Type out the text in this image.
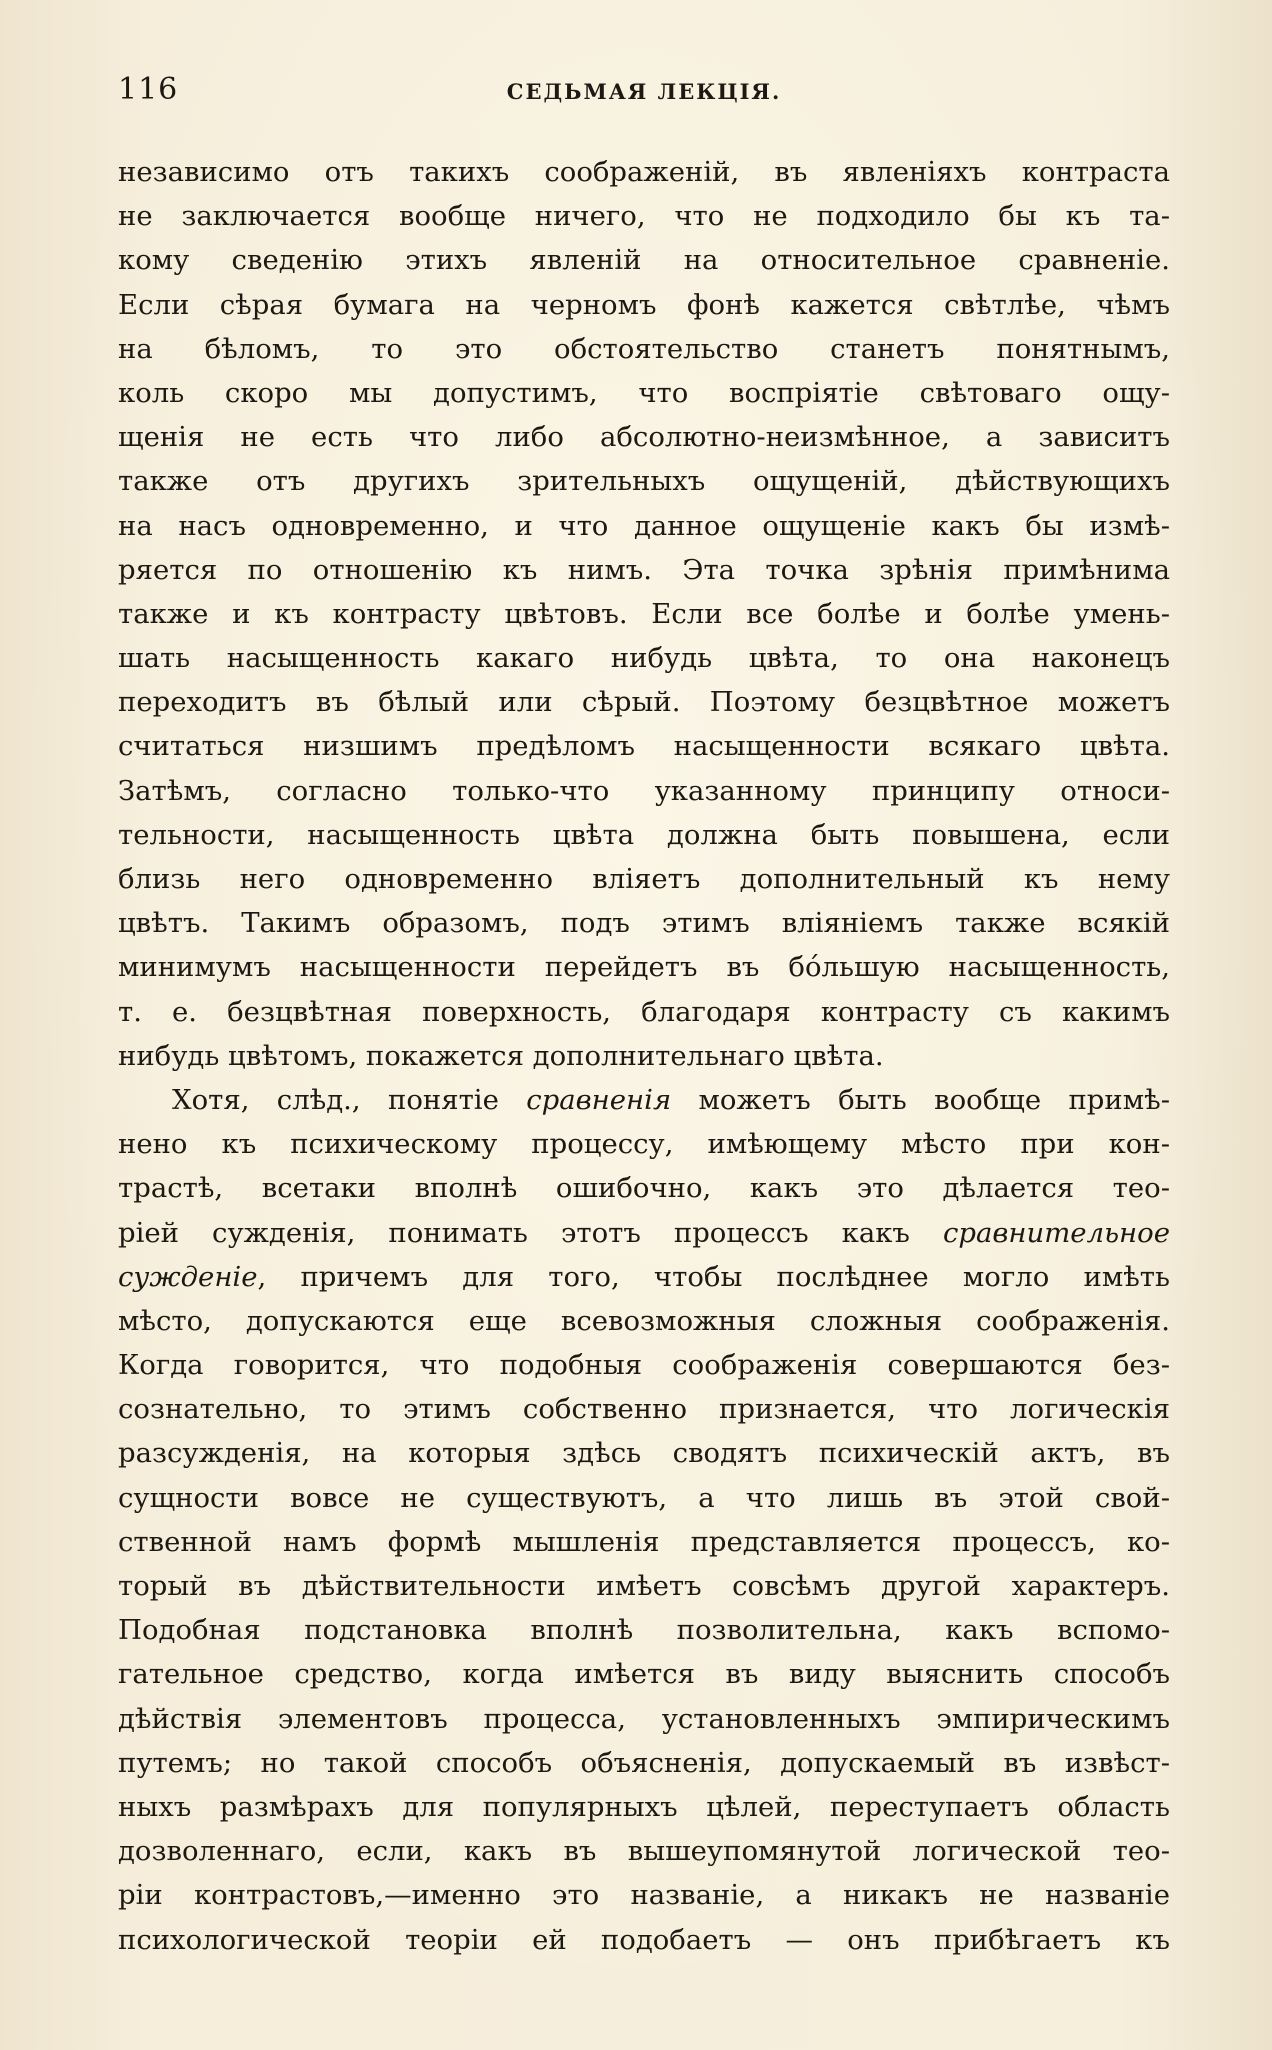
116	СЕДЬМАЯ ЛЕКЦІЯ.
независимо отъ такихъ соображеній, въ явленіяхъ контраста
не заключается вообще ничего, что не подходило бы къ та-
кому сведенію этихъ явленій на относительное сравненіе.
Если сѣрая бумага на черномъ фонѣ кажется свѣтлѣе, чѣмъ
на бѣломъ, то это обстоятельство станетъ понятнымъ,
коль скоро мы допустимъ, что воспріятіе свѣтоваго ощу-
щенія не есть что либо абсолютно-неизмѣнное, а зависитъ
также отъ другихъ зрительныхъ ощущеній, дѣйствующихъ
на насъ одновременно, и что данное ощущеніе какъ бы измѣ-
ряется по отношенію къ нимъ. Эта точка зрѣнія примѣнима
также и къ контрасту цвѣтовъ. Если все болѣе и болѣе умень-
шать насыщенность какаго нибудь цвѣта, то она наконецъ
переходитъ въ бѣлый или сѣрый. Поэтому безцвѣтное можетъ
считаться низшимъ предѣломъ насыщенности всякаго цвѣта.
Затѣмъ, согласно только-что указанному принципу относи-
тельности, насыщенность цвѣта должна быть повышена, если
близь него одновременно вліяетъ дополнительный къ нему
цвѣтъ. Такимъ образомъ, подъ этимъ вліяніемъ также всякій
минимумъ насыщенности перейдетъ въ бо́льшую насыщенность,
т. е. безцвѣтная поверхность, благодаря контрасту съ какимъ
нибудь цвѣтомъ, покажется дополнительнаго цвѣта.
Хотя, слѣд., понятіе сравненія можетъ быть вообще примѣ-
нено къ психическому процессу, имѣющему мѣсто при кон-
трастѣ, всетаки вполнѣ ошибочно, какъ это дѣлается тео-
ріей сужденія, понимать этотъ процессъ какъ сравнительное
сужденіе, причемъ для того, чтобы послѣднее могло имѣть
мѣсто, допускаются еще всевозможныя сложныя соображенія.
Когда говорится, что подобныя соображенія совершаются без-
сознательно, то этимъ собственно признается, что логическія
разсужденія, на которыя здѣсь сводятъ психическій актъ, въ
сущности вовсе не существуютъ, а что лишь въ этой свой-
ственной намъ формѣ мышленія представляется процессъ, ко-
торый въ дѣйствительности имѣетъ совсѣмъ другой характеръ.
Подобная подстановка вполнѣ позволительна, какъ вспомо-
гательное средство, когда имѣется въ виду выяснить способъ
дѣйствія элементовъ процесса, установленныхъ эмпирическимъ
путемъ; но такой способъ объясненія, допускаемый въ извѣст-
ныхъ размѣрахъ для популярныхъ цѣлей, переступаетъ область
дозволеннаго, если, какъ въ вышеупомянутой логической тео-
ріи контрастовъ,—именно это названіе, а никакъ не названіе
психологической теоріи ей подобаетъ — онъ прибѣгаетъ къ
